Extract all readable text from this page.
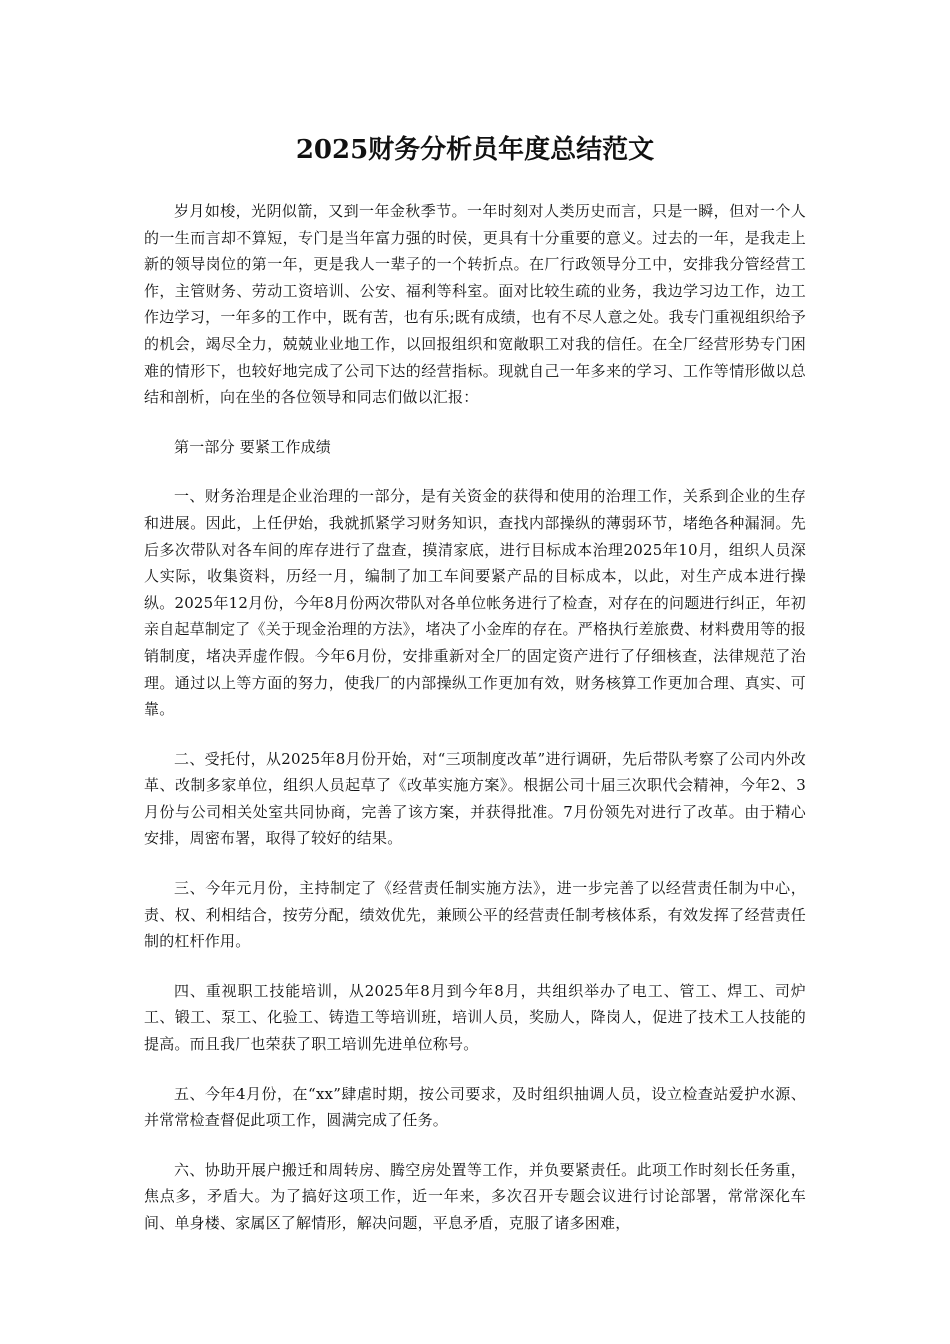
2025财务分析员年度总结范文

岁月如梭，光阴似箭，又到一年金秋季节。一年时刻对人类历史而言，只是一瞬，但对一个人的一生而言却不算短，专门是当年富力强的时侯，更具有十分重要的意义。过去的一年，是我走上新的领导岗位的第一年，更是我人一辈子的一个转折点。在厂行政领导分工中，安排我分管经营工作，主管财务、劳动工资培训、公安、福利等科室。面对比较生疏的业务，我边学习边工作，边工作边学习，一年多的工作中，既有苦，也有乐;既有成绩，也有不尽人意之处。我专门重视组织给予的机会，竭尽全力，兢兢业业地工作，以回报组织和宽敞职工对我的信任。在全厂经营形势专门困难的情形下，也较好地完成了公司下达的经营指标。现就自己一年多来的学习、工作等情形做以总结和剖析，向在坐的各位领导和同志们做以汇报：

第一部分 要紧工作成绩

一、财务治理是企业治理的一部分，是有关资金的获得和使用的治理工作，关系到企业的生存和进展。因此，上任伊始，我就抓紧学习财务知识，查找内部操纵的薄弱环节，堵绝各种漏洞。先后多次带队对各车间的库存进行了盘查，摸清家底，进行目标成本治理2025年10月，组织人员深人实际，收集资料，历经一月，编制了加工车间要紧产品的目标成本，以此，对生产成本进行操纵。2025年12月份，今年8月份两次带队对各单位帐务进行了检查，对存在的问题进行纠正，年初亲自起草制定了《关于现金治理的方法》，堵决了小金库的存在。严格执行差旅费、材料费用等的报销制度，堵决弄虚作假。今年6月份，安排重新对全厂的固定资产进行了仔细核查，法律规范了治理。通过以上等方面的努力，使我厂的内部操纵工作更加有效，财务核算工作更加合理、真实、可靠。

二、受托付，从2025年8月份开始，对“三项制度改革”进行调研，先后带队考察了公司内外改革、改制多家单位，组织人员起草了《改革实施方案》。根据公司十届三次职代会精神，今年2、3月份与公司相关处室共同协商，完善了该方案，并获得批准。7月份领先对进行了改革。由于精心安排，周密布署，取得了较好的结果。

三、今年元月份，主持制定了《经营责任制实施方法》，进一步完善了以经营责任制为中心，责、权、利相结合，按劳分配，绩效优先，兼顾公平的经营责任制考核体系，有效发挥了经营责任制的杠杆作用。

四、重视职工技能培训，从2025年8月到今年8月，共组织举办了电工、管工、焊工、司炉工、锻工、泵工、化验工、铸造工等培训班，培训人员，奖励人，降岗人，促进了技术工人技能的提高。而且我厂也荣获了职工培训先进单位称号。

五、今年4月份，在“xx”肆虐时期，按公司要求，及时组织抽调人员，设立检查站爱护水源、并常常检查督促此项工作，圆满完成了任务。

六、协助开展户搬迁和周转房、腾空房处置等工作，并负要紧责任。此项工作时刻长任务重，焦点多，矛盾大。为了搞好这项工作，近一年来，多次召开专题会议进行讨论部署，常常深化车间、单身楼、家属区了解情形，解决问题，平息矛盾，克服了诸多困难，
